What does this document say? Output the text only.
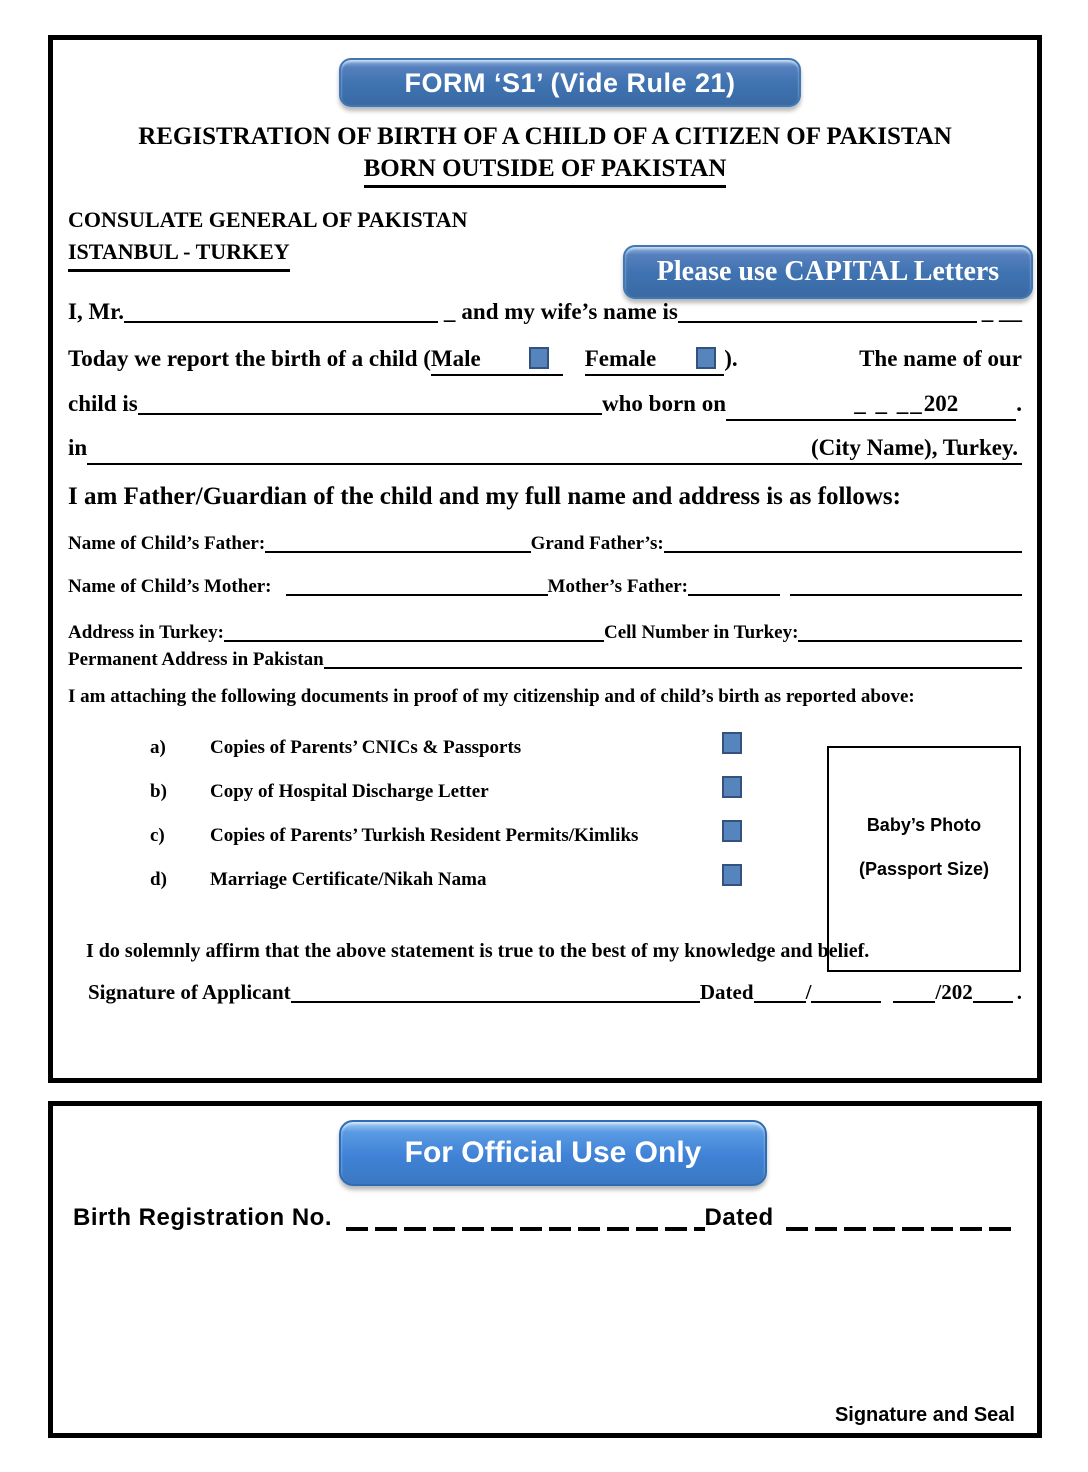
FORM ‘S1’ (Vide Rule 21)
REGISTRATION OF BIRTH OF A CHILD OF A CITIZEN OF PAKISTAN
BORN OUTSIDE OF PAKISTAN
CONSULATE GENERAL OF PAKISTAN
ISTANBUL - TURKEY
Please use CAPITAL Letters
I, Mr.	_ and my wife’s name is	_ __
Today we report the birth of a child ( Male	Female	).	The name of our
child is	who born on	_ _ __ 202	.
in	(City Name), Turkey.
I am Father/Guardian of the child and my full name and address is as follows:
Name of Child’s Father:	Grand Father’s:
Name of Child’s Mother:	Mother’s Father:
Address in Turkey:	Cell Number in Turkey:
Permanent Address in Pakistan
I am attaching the following documents in proof of my citizenship and of child’s birth as reported above:
a) Copies of Parents’ CNICs & Passports
b) Copy of Hospital Discharge Letter
c) Copies of Parents’ Turkish Resident Permits/Kimliks
d) Marriage Certificate/Nikah Nama
Baby’s Photo
(Passport Size)
I do solemnly affirm that the above statement is true to the best of my knowledge and belief.
Signature of Applicant	Dated /	/202 .
For Official Use Only
Birth Registration No.	Dated
Signature and Seal
